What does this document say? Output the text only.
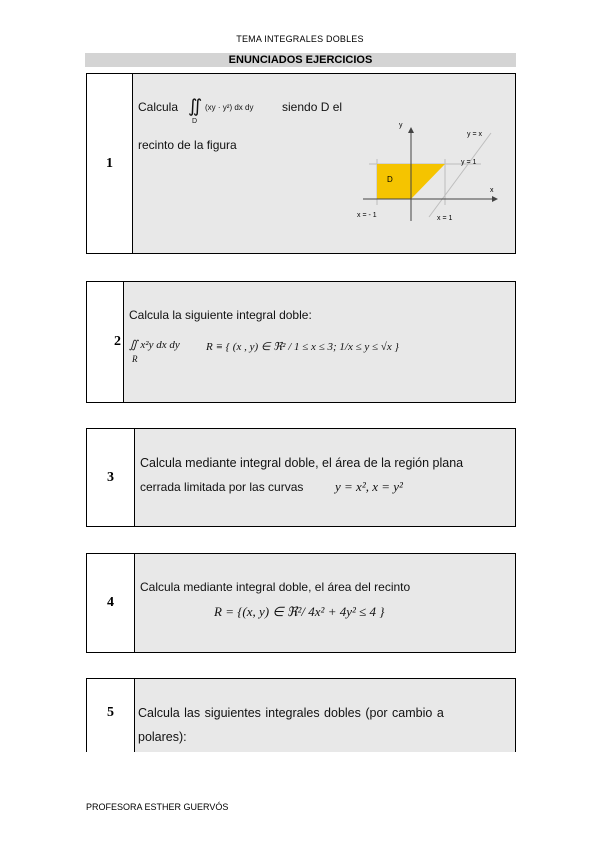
TEMA INTEGRALES DOBLES
ENUNCIADOS EJERCICIOS
1
Calcula ∬
D
(xy · y²) dx dy siendo D el
recinto de la figura
y
x
D
y = x
y = 1
x = - 1	x = 1
2
Calcula la siguiente integral doble:
∬ x²y dx dy
R
R ≡ { (x , y) ∈ ℜ² / 1 ≤ x ≤ 3; 1/x ≤ y ≤ √x }
3
Calcula mediante integral doble, el área de la región plana
cerrada limitada por las curvas y = x², x = y²
4
Calcula mediante integral doble, el área del recinto
R = {(x, y) ∈ ℜ²/ 4x² + 4y² ≤ 4 }
5	Calcula las siguientes integrales dobles (por cambio a
polares):
PROFESORA ESTHER GUERVÓS
